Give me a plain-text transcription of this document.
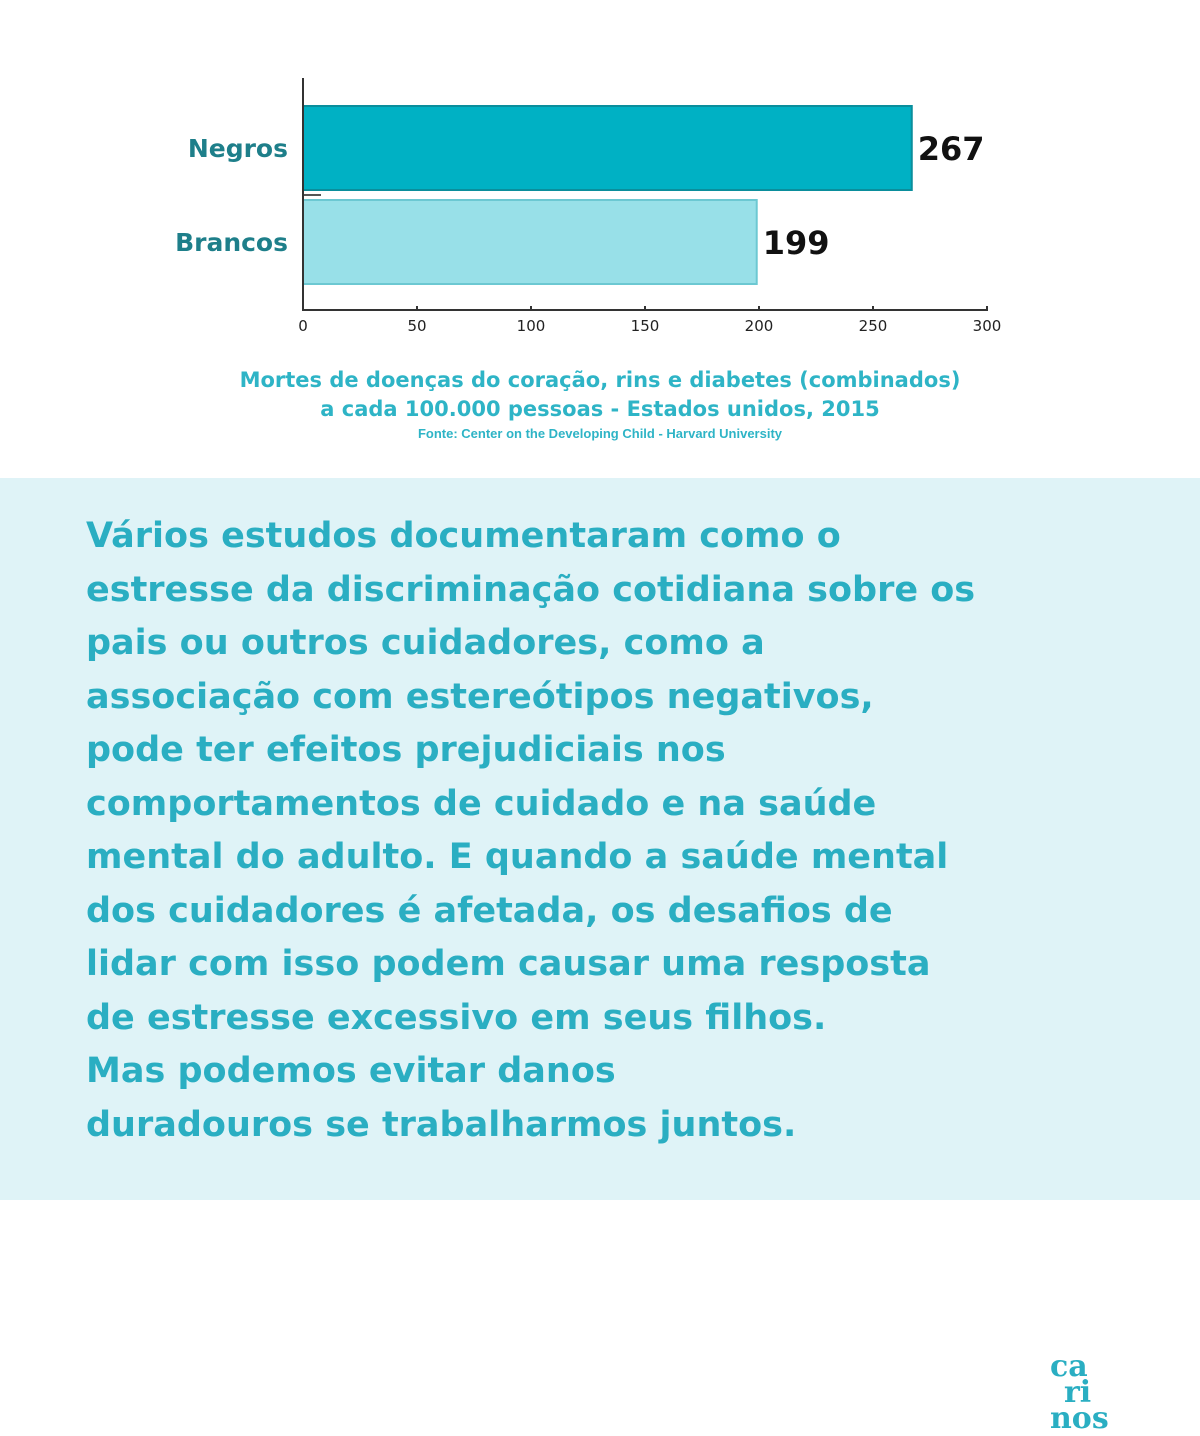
Negros	267
Brancos	199
0	50	100	150	200	250	300
Mortes de doenças do coração, rins e diabetes (combinados)
a cada 100.000 pessoas - Estados unidos, 2015
Fonte: Center on the Developing Child - Harvard University

Vários estudos documentaram como o
estresse da discriminação cotidiana sobre os
pais ou outros cuidadores, como a
associação com estereótipos negativos,
pode ter efeitos prejudiciais nos
comportamentos de cuidado e na saúde
mental do adulto. E quando a saúde mental
dos cuidadores é afetada, os desafios de
lidar com isso podem causar uma resposta
de estresse excessivo em seus filhos.
Mas podemos evitar danos
duradouros se trabalharmos juntos.

ca
ri
nos
